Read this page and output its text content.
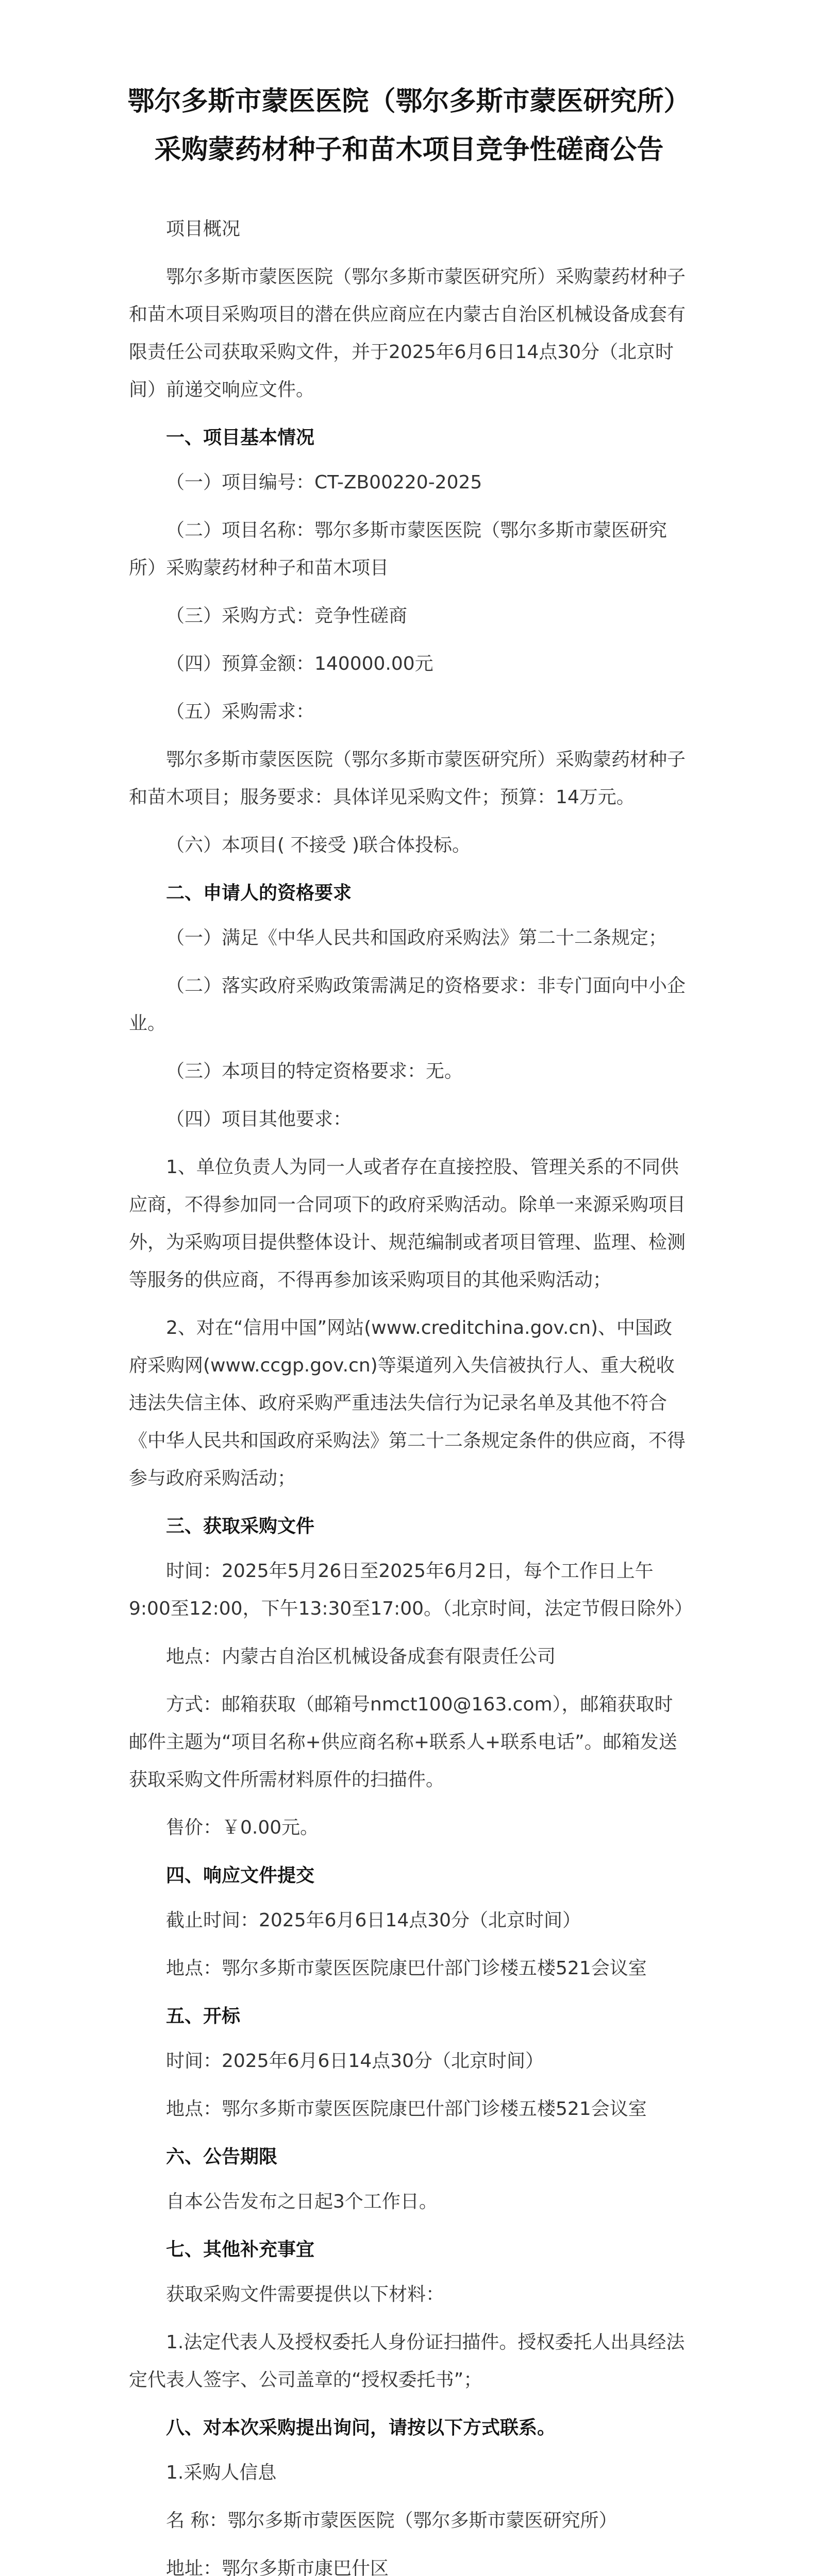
鄂尔多斯市蒙医医院（鄂尔多斯市蒙医研究所）
采购蒙药材种子和苗木项目竞争性磋商公告
项目概况
鄂尔多斯市蒙医医院（鄂尔多斯市蒙医研究所）采购蒙药材种子和苗木项目采购项目的潜在供应商应在内蒙古自治区机械设备成套有限责任公司获取采购文件，并于2025年6月6日14点30分（北京时间）前递交响应文件。
一、项目基本情况
（一）项目编号：CT-ZB00220-2025
（二）项目名称：鄂尔多斯市蒙医医院（鄂尔多斯市蒙医研究所）采购蒙药材种子和苗木项目
（三）采购方式：竞争性磋商
（四）预算金额：140000.00元
（五）采购需求：
鄂尔多斯市蒙医医院（鄂尔多斯市蒙医研究所）采购蒙药材种子和苗木项目；服务要求：具体详见采购文件；预算：14万元。
（六）本项目( 不接受 )联合体投标。
二、申请人的资格要求
（一）满足《中华人民共和国政府采购法》第二十二条规定；
（二）落实政府采购政策需满足的资格要求：非专门面向中小企业。
（三）本项目的特定资格要求：无。
（四）项目其他要求：
1、单位负责人为同一人或者存在直接控股、管理关系的不同供应商，不得参加同一合同项下的政府采购活动。除单一来源采购项目外，为采购项目提供整体设计、规范编制或者项目管理、监理、检测等服务的供应商，不得再参加该采购项目的其他采购活动；
2、对在“信用中国”网站(www.creditchina.gov.cn)、中国政府采购网(www.ccgp.gov.cn)等渠道列入失信被执行人、重大税收违法失信主体、政府采购严重违法失信行为记录名单及其他不符合《中华人民共和国政府采购法》第二十二条规定条件的供应商，不得参与政府采购活动；
三、获取采购文件
时间：2025年5月26日至2025年6月2日，每个工作日上午9:00至12:00，下午13:30至17:00。（北京时间，法定节假日除外）
地点：内蒙古自治区机械设备成套有限责任公司
方式：邮箱获取（邮箱号nmct100@163.com），邮箱获取时邮件主题为“项目名称+供应商名称+联系人+联系电话”。邮箱发送获取采购文件所需材料原件的扫描件。
售价：￥0.00元。
四、响应文件提交
截止时间：2025年6月6日14点30分（北京时间）
地点：鄂尔多斯市蒙医医院康巴什部门诊楼五楼521会议室
五、开标
时间：2025年6月6日14点30分（北京时间）
地点：鄂尔多斯市蒙医医院康巴什部门诊楼五楼521会议室
六、公告期限
自本公告发布之日起3个工作日。
七、其他补充事宜
获取采购文件需要提供以下材料：
1.法定代表人及授权委托人身份证扫描件。授权委托人出具经法定代表人签字、公司盖章的“授权委托书”；
八、对本次采购提出询问，请按以下方式联系。
1.采购人信息
名 称：鄂尔多斯市蒙医医院（鄂尔多斯市蒙医研究所）
地址：鄂尔多斯市康巴什区
